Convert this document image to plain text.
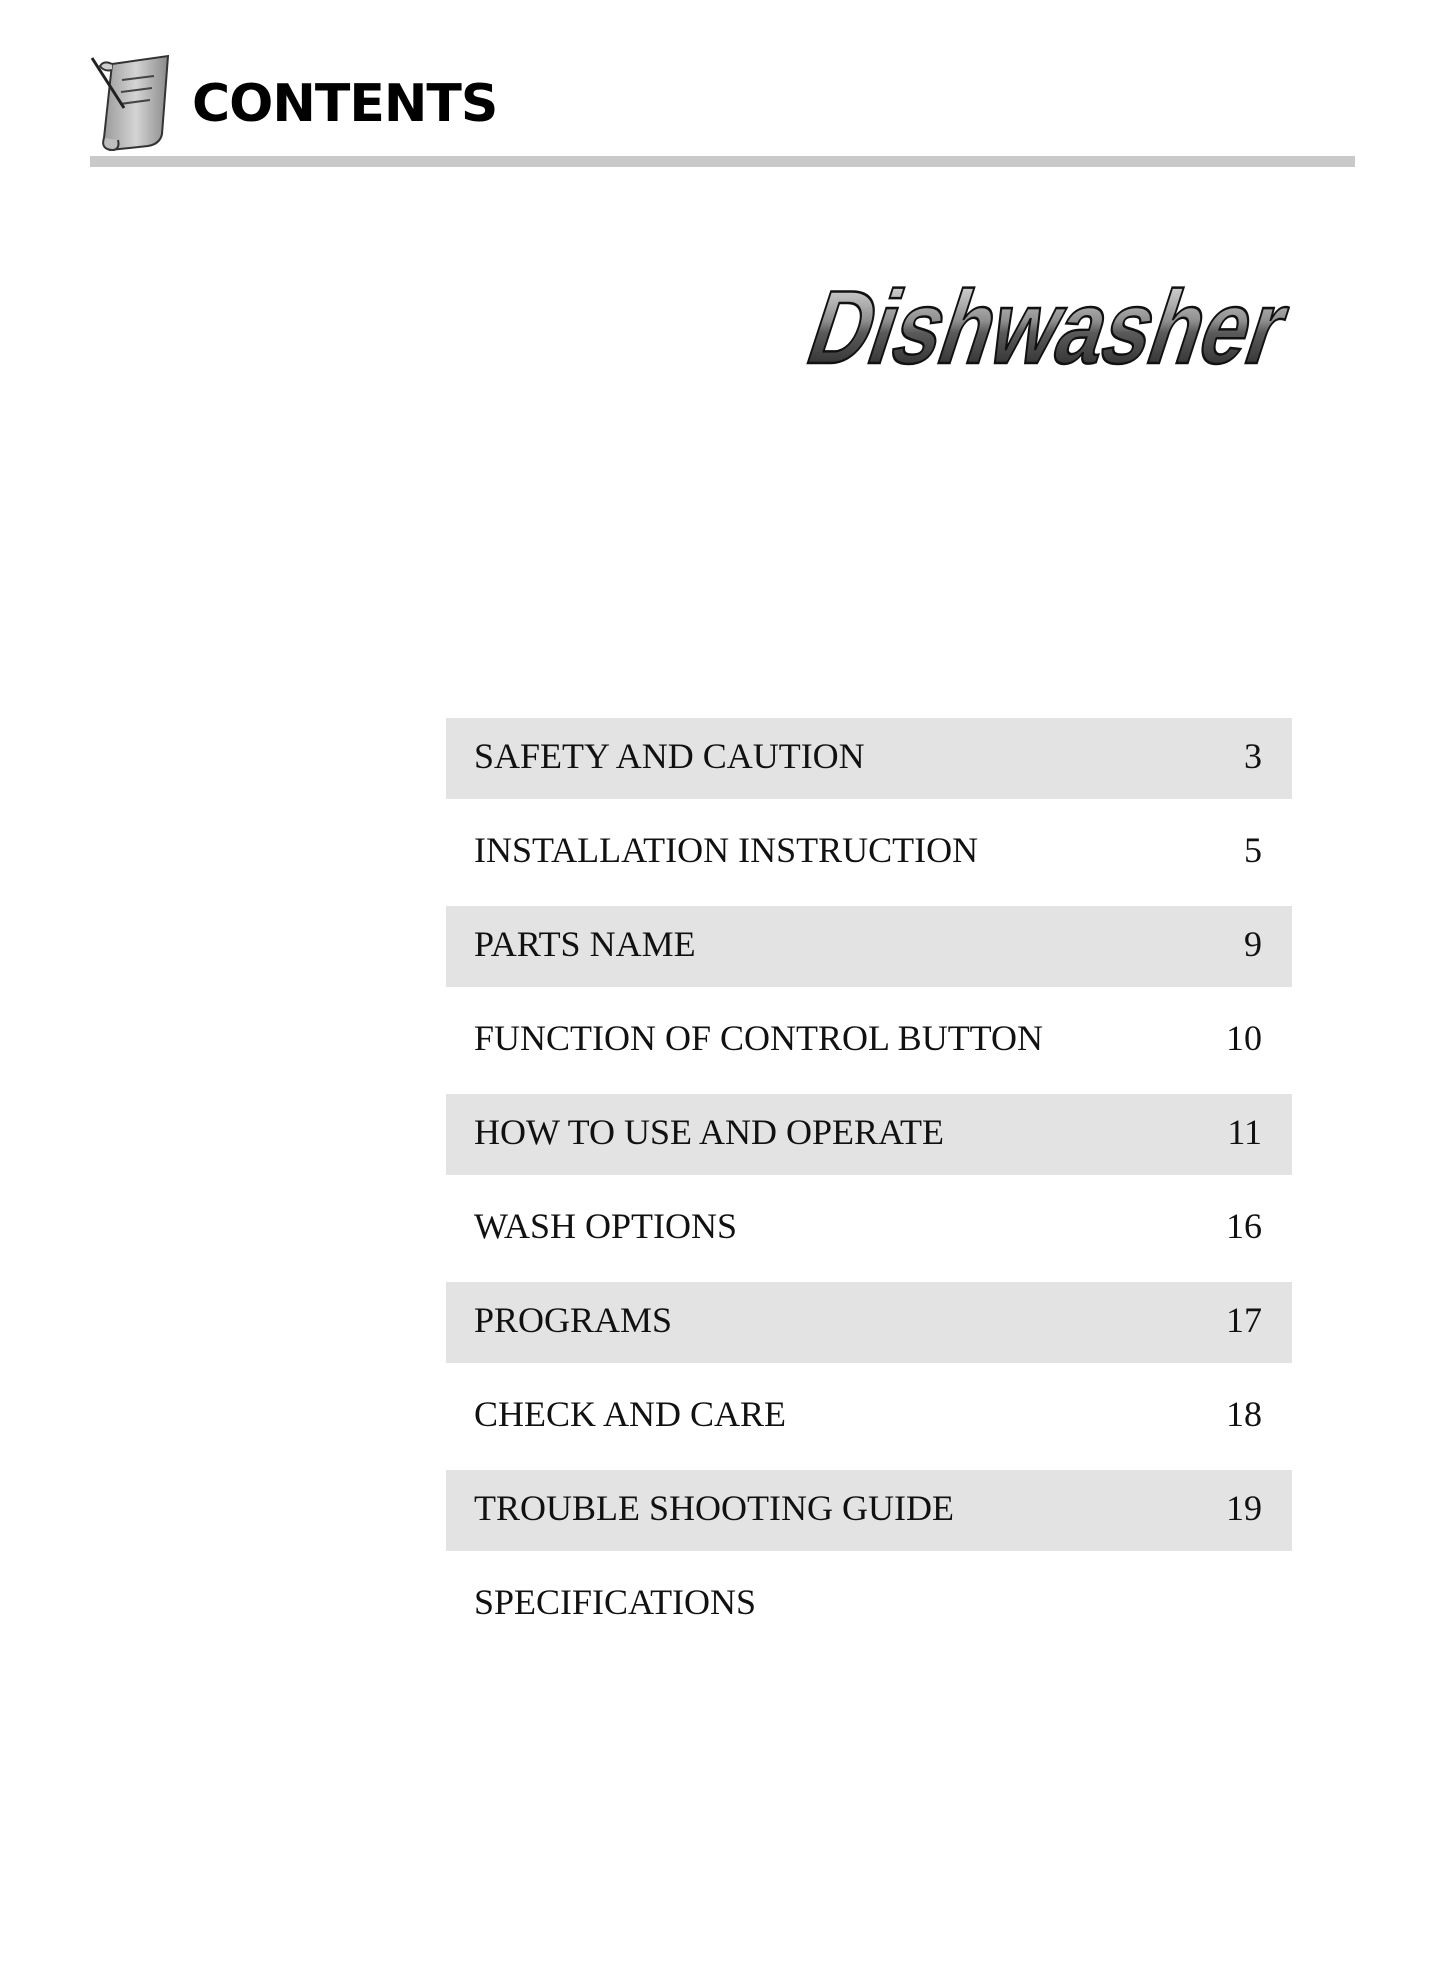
CONTENTS
Dishwasher
SAFETY AND CAUTION	3
INSTALLATION INSTRUCTION	5
PARTS NAME	9
FUNCTION OF CONTROL BUTTON	10
HOW TO USE AND OPERATE	11
WASH OPTIONS	16
PROGRAMS	17
CHECK AND CARE	18
TROUBLE SHOOTING GUIDE	19
SPECIFICATIONS
